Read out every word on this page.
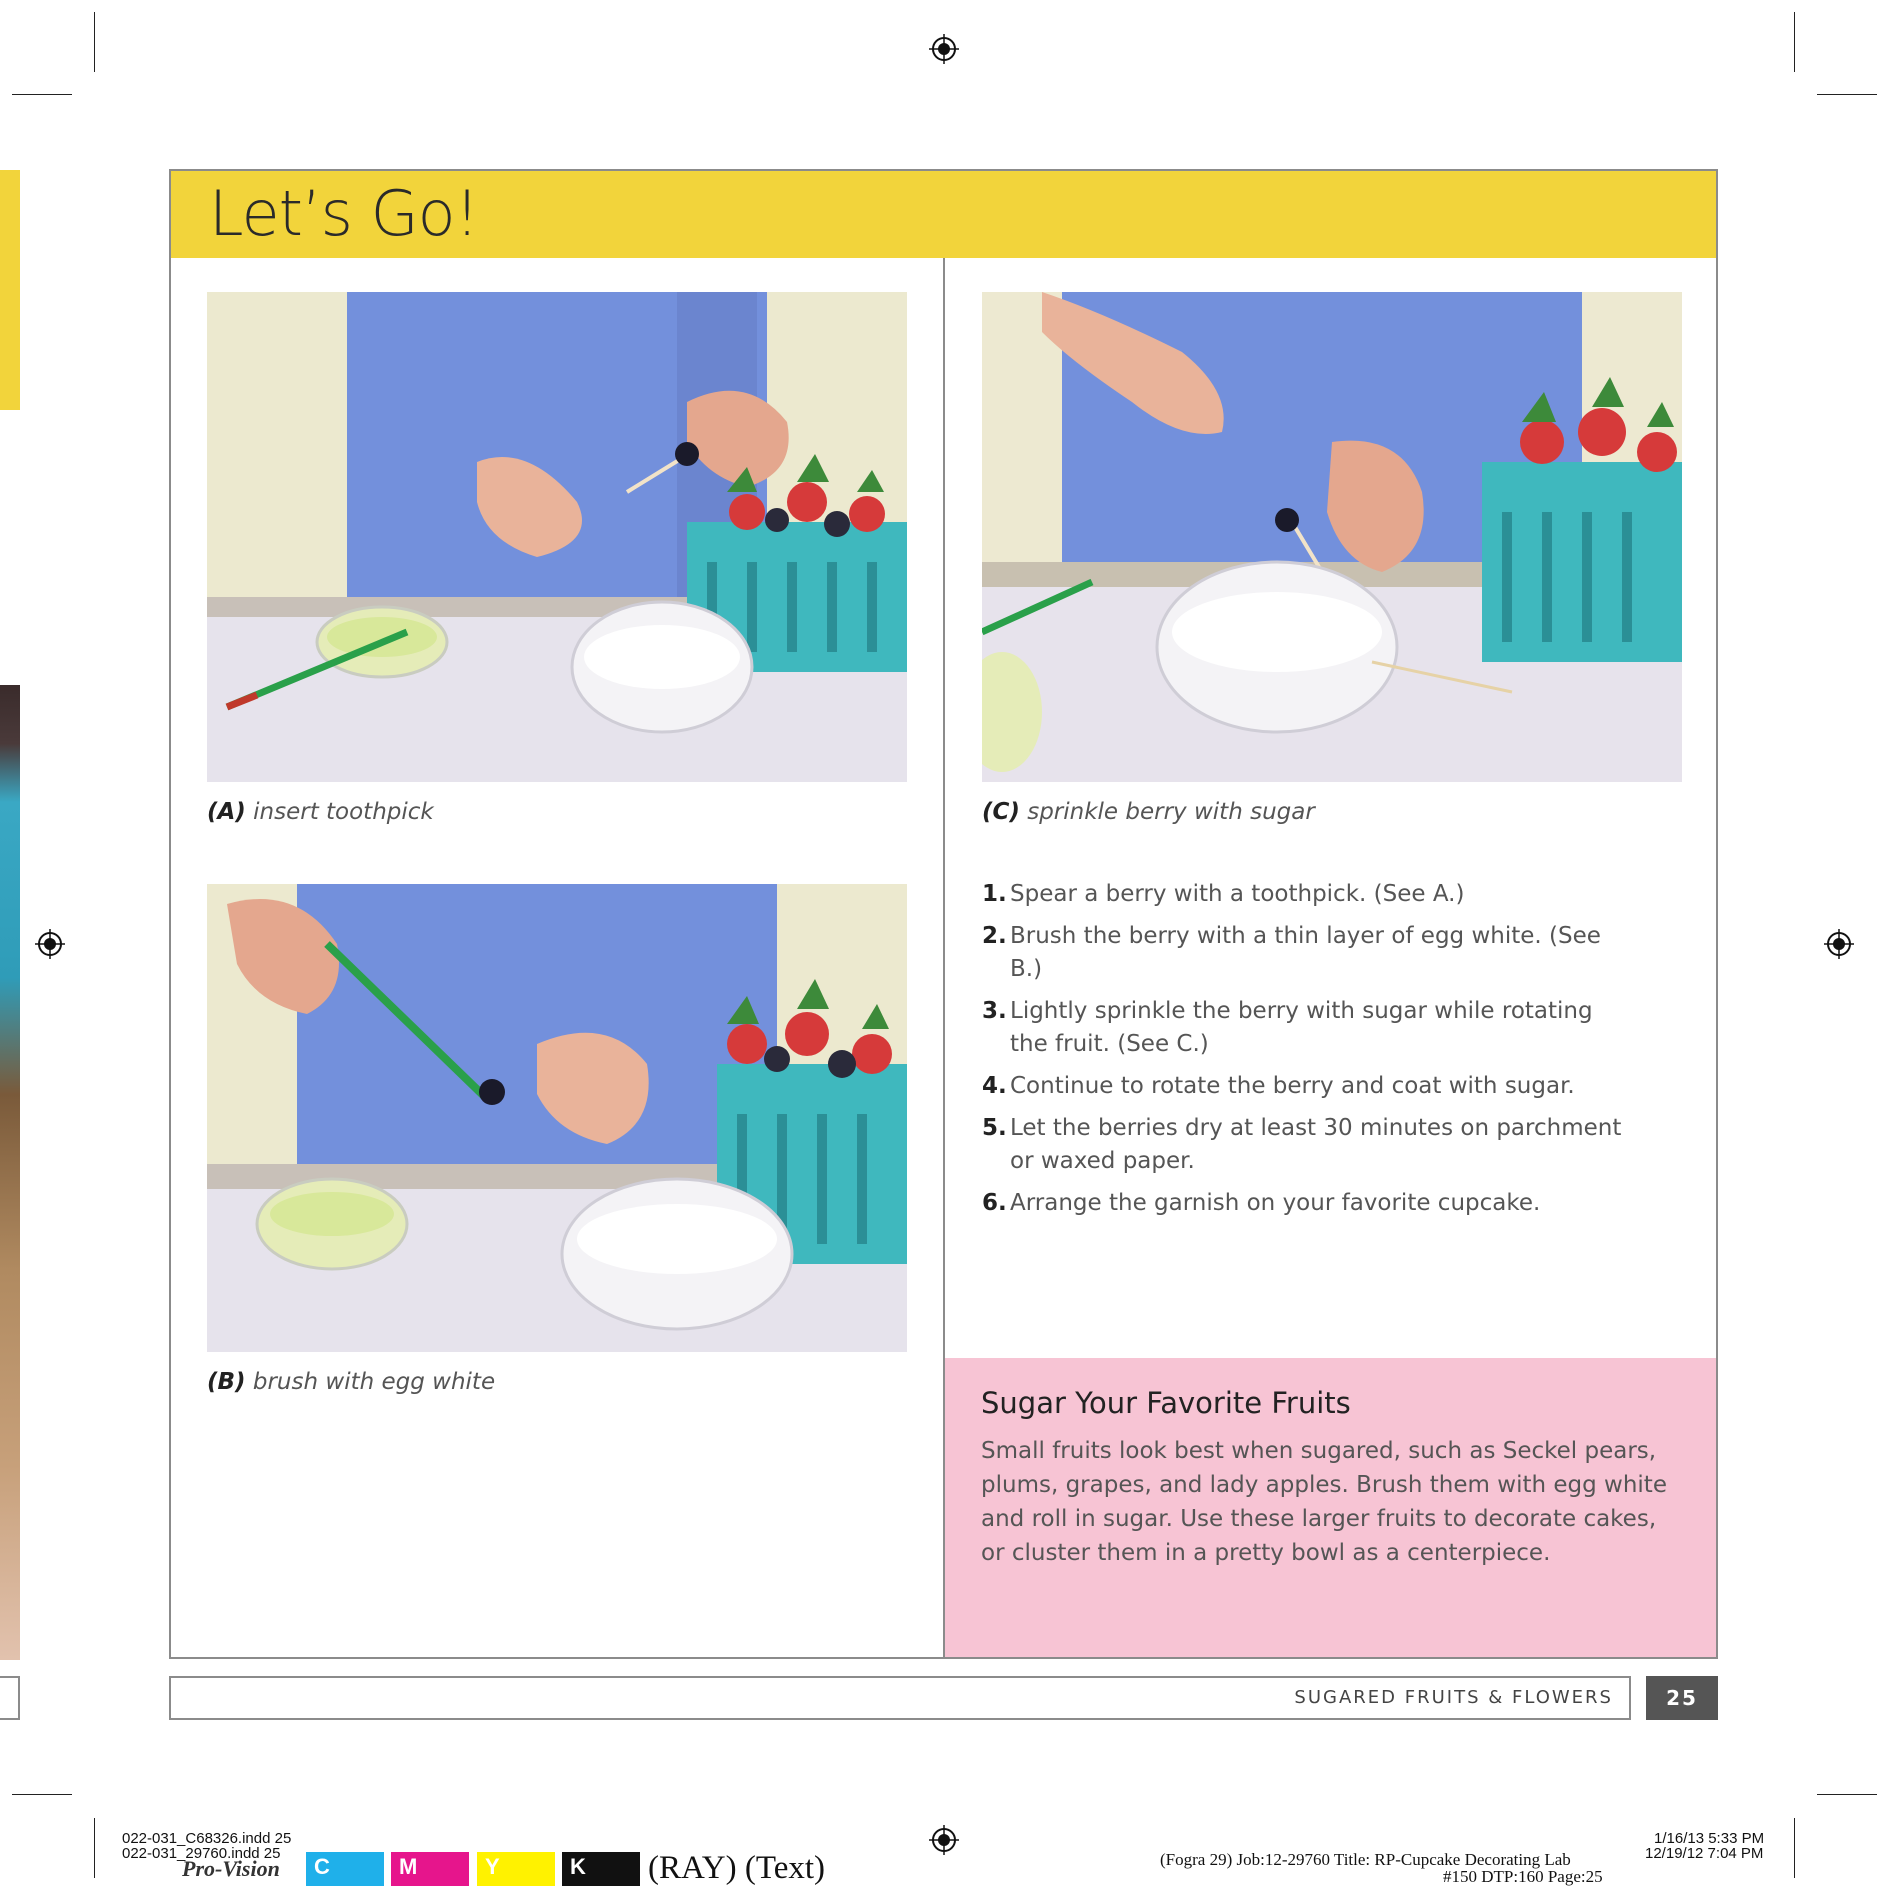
Let’s Go!
(A) insert toothpick	(C) sprinkle berry with sugar
(B) brush with egg white
1. Spear a berry with a toothpick. (See A.)
2. Brush the berry with a thin layer of egg white. (See B.)
3. Lightly sprinkle the berry with sugar while rotating the fruit. (See C.)
4. Continue to rotate the berry and coat with sugar.
5. Let the berries dry at least 30 minutes on parchment or waxed paper.
6. Arrange the garnish on your favorite cupcake.
Sugar Your Favorite Fruits

Small fruits look best when sugared, such as Seckel pears, plums, grapes, and lady apples. Brush them with egg white and roll in sugar. Use these larger fruits to decorate cakes, or cluster them in a pretty bowl as a centerpiece.

SUGARED FRUITS & FLOWERS	25
022-031_C68326.indd 25
022-031_29760.indd 25
Pro-Vision	C	M	Y	K	(RAY) (Text)	(Fogra 29) Job:12-29760 Title: RP-Cupcake Decorating Lab
#150 DTP:160 Page:25
1/16/13 5:33 PM
12/19/12 7:04 PM
